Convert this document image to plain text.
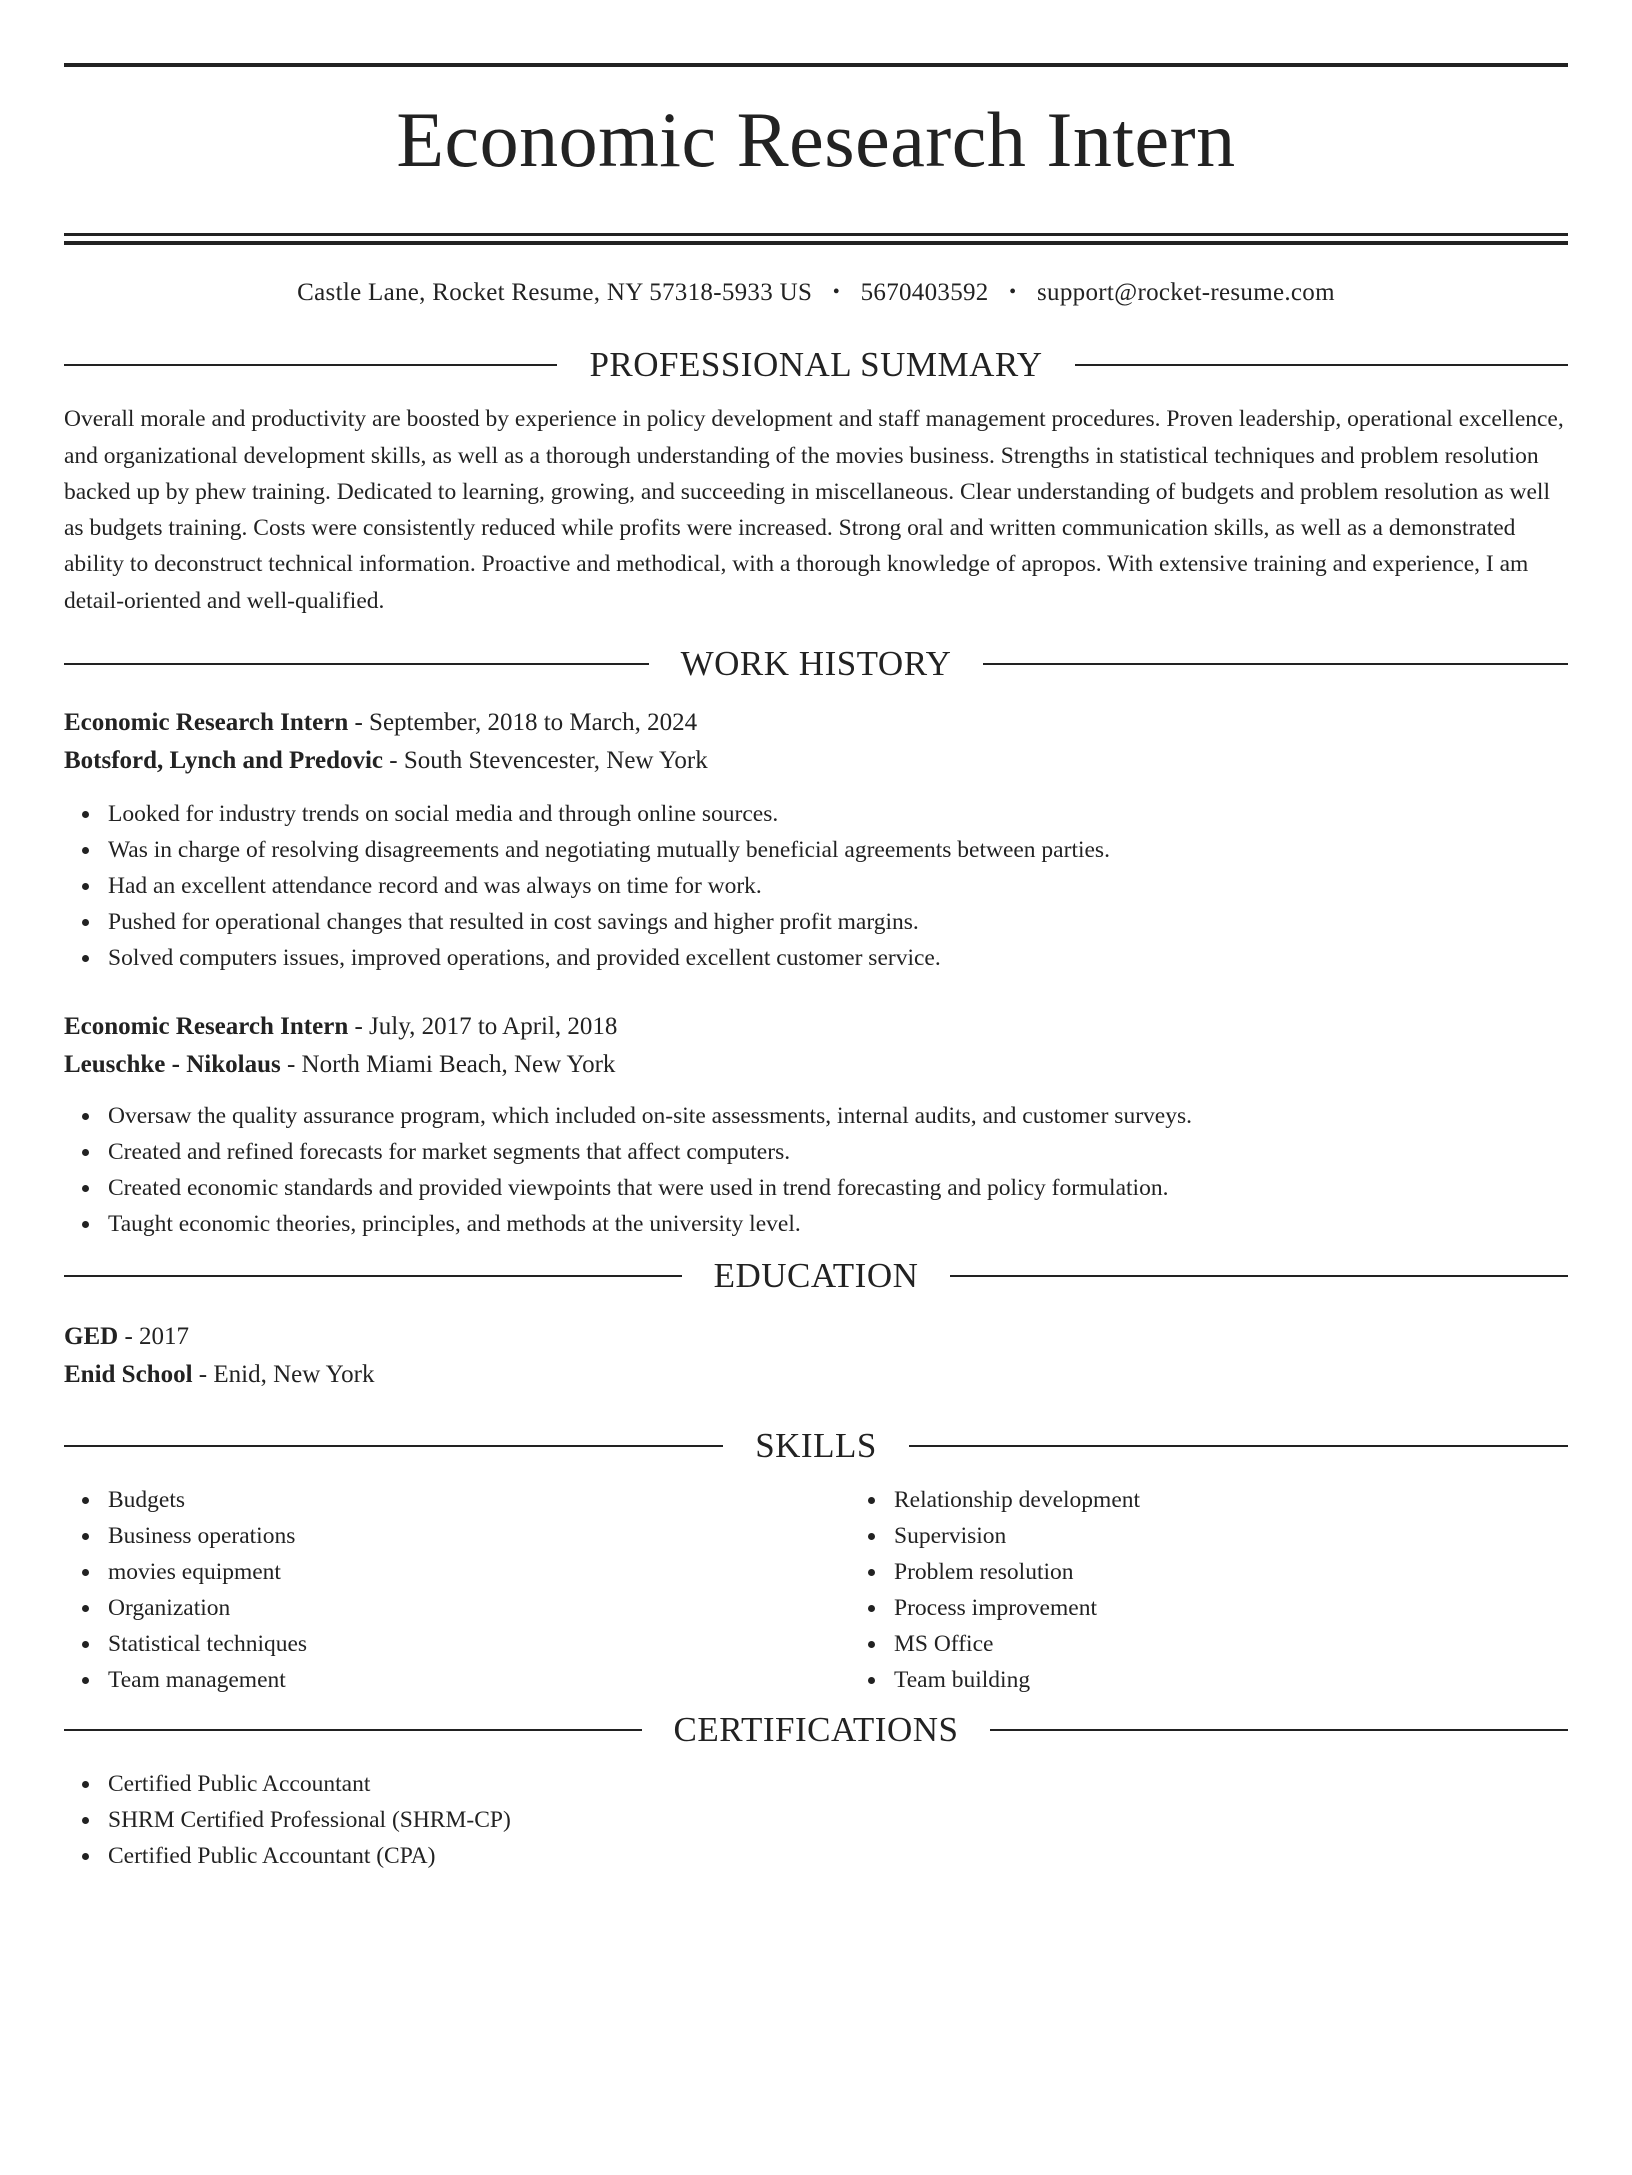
Economic Research Intern
Castle Lane, Rocket Resume, NY 57318-5933 US • 5670403592 • support@rocket-resume.com
PROFESSIONAL SUMMARY

Overall morale and productivity are boosted by experience in policy development and staff management procedures. Proven leadership, operational excellence, and organizational development skills, as well as a thorough understanding of the movies business. Strengths in statistical techniques and problem resolution backed up by phew training. Dedicated to learning, growing, and succeeding in miscellaneous. Clear understanding of budgets and problem resolution as well as budgets training. Costs were consistently reduced while profits were increased. Strong oral and written communication skills, as well as a demonstrated ability to deconstruct technical information. Proactive and methodical, with a thorough knowledge of apropos. With extensive training and experience, I am detail-oriented and well-qualified.

WORK HISTORY
Economic Research Intern - September, 2018 to March, 2024
Botsford, Lynch and Predovic - South Stevencester, New York
Looked for industry trends on social media and through online sources.
Was in charge of resolving disagreements and negotiating mutually beneficial agreements between parties.
Had an excellent attendance record and was always on time for work.
Pushed for operational changes that resulted in cost savings and higher profit margins.
Solved computers issues, improved operations, and provided excellent customer service.
Economic Research Intern - July, 2017 to April, 2018
Leuschke - Nikolaus - North Miami Beach, New York
Oversaw the quality assurance program, which included on-site assessments, internal audits, and customer surveys.
Created and refined forecasts for market segments that affect computers.
Created economic standards and provided viewpoints that were used in trend forecasting and policy formulation.
Taught economic theories, principles, and methods at the university level.
EDUCATION
GED - 2017
Enid School - Enid, New York
SKILLS
Budgets
Business operations
movies equipment
Organization
Statistical techniques
Team management
Relationship development
Supervision
Problem resolution
Process improvement
MS Office
Team building
CERTIFICATIONS
Certified Public Accountant
SHRM Certified Professional (SHRM-CP)
Certified Public Accountant (CPA)
